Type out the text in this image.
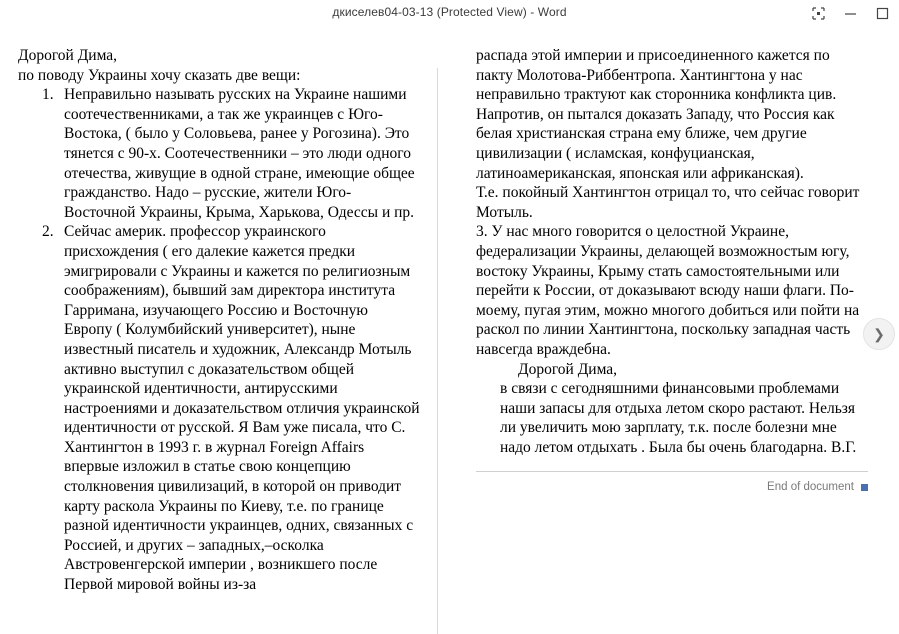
дкиселев04-03-13 (Protected View) - Word

Дорогой Дима,

по поводу Украины хочу сказать две вещи:

1. Неправильно называть русских на Украине нашими соотечественниками, а так же украинцев с Юго-Востока, ( было у Соловьева, ранее у Рогозина). Это тянется с 90-х. Соотечественники – это люди одного отечества, живущие в одной стране, имеющие общее гражданство. Надо – русские, жители Юго-Восточной Украины, Крыма, Харькова, Одессы и пр.
2. Сейчас америк. профессор украинского присхождения ( его далекие кажется предки эмигрировали с Украины и кажется по религиозным соображениям), бывший зам директора института Гарримана, изучающего Россию и Восточную Европу ( Колумбийский университет), ныне известный писатель и художник, Александр Мотыль активно выступил с доказательством общей украинской идентичности, антирусскими настроениями и доказательством отличия украинской идентичности от русской. Я Вам уже писала, что С. Хантингтон в 1993 г. в журнал Foreign Affairs впервые изложил в статье свою концепцию столкновения цивилизаций, в которой он приводит карту раскола Украины по Киеву, т.е. по границе разной идентичности украинцев, одних, связанных с Россией, и других – западных,–осколка Австровенгерской империи , возникшего после Первой мировой войны из-за

распада этой империи и присоединенного кажется по пакту Молотова-Риббентропа. Хантингтона у нас неправильно трактуют как сторонника конфликта цив. Напротив, он пытался доказать Западу, что Россия как белая христианская страна ему ближе, чем другие цивилизации ( исламская, конфуцианская, латиноамериканская, японская или африканская).

Т.е. покойный Хантингтон отрицал то, что сейчас говорит Мотыль.

3. У нас много говорится о целостной Украине, федерализации Украины, делающей возможностым югу, востоку Украины, Крыму стать самостоятельными или перейти к России, от доказывают всюду наши флаги. По-моему, пугая этим, можно многого добиться или пойти на раскол по линии Хантингтона, поскольку западная часть навсегда враждебна.

Дорогой Дима,

в связи с сегодняшними финансовыми проблемами наши запасы для отдыха летом скоро растают. Нельзя ли увеличить мою зарплату, т.к. после болезни мне надо летом отдыхать . Была бы очень благодарна. В.Г.

End of document
❯
